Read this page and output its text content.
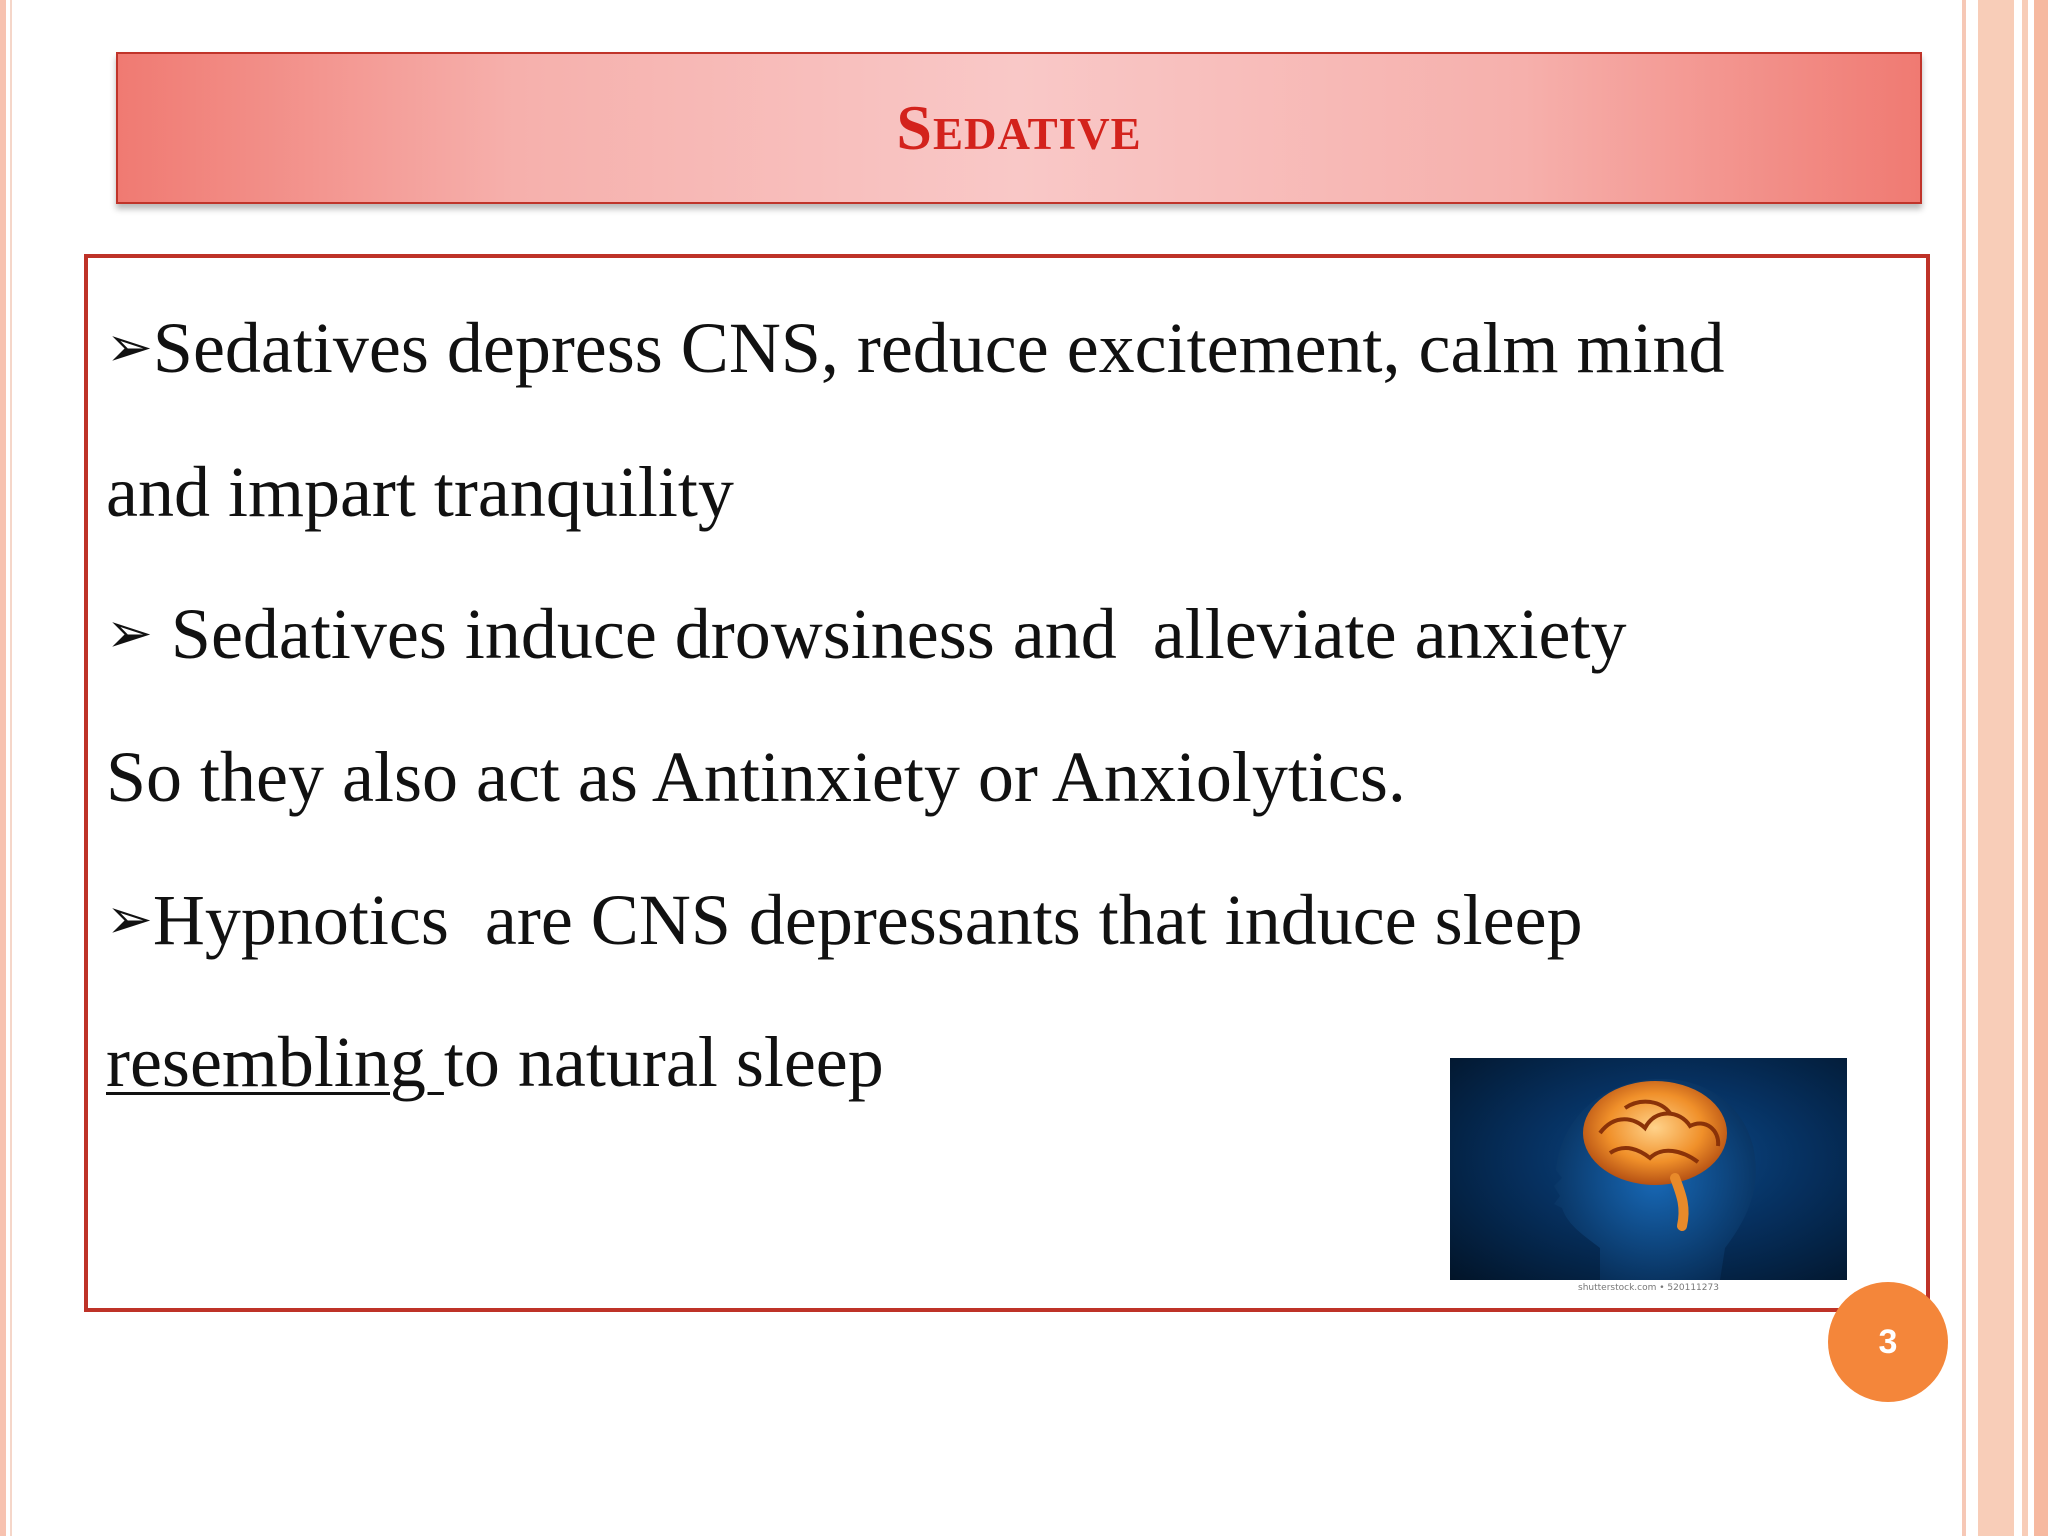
Sedative
➢Sedatives depress CNS, reduce excitement, calm mind
and impart tranquility
➢ Sedatives induce drowsiness and  alleviate anxiety
So they also act as Antinxiety or Anxiolytics.
➢Hypnotics  are CNS depressants that induce sleep
resembling to natural sleep
shutterstock.com • 520111273
3
